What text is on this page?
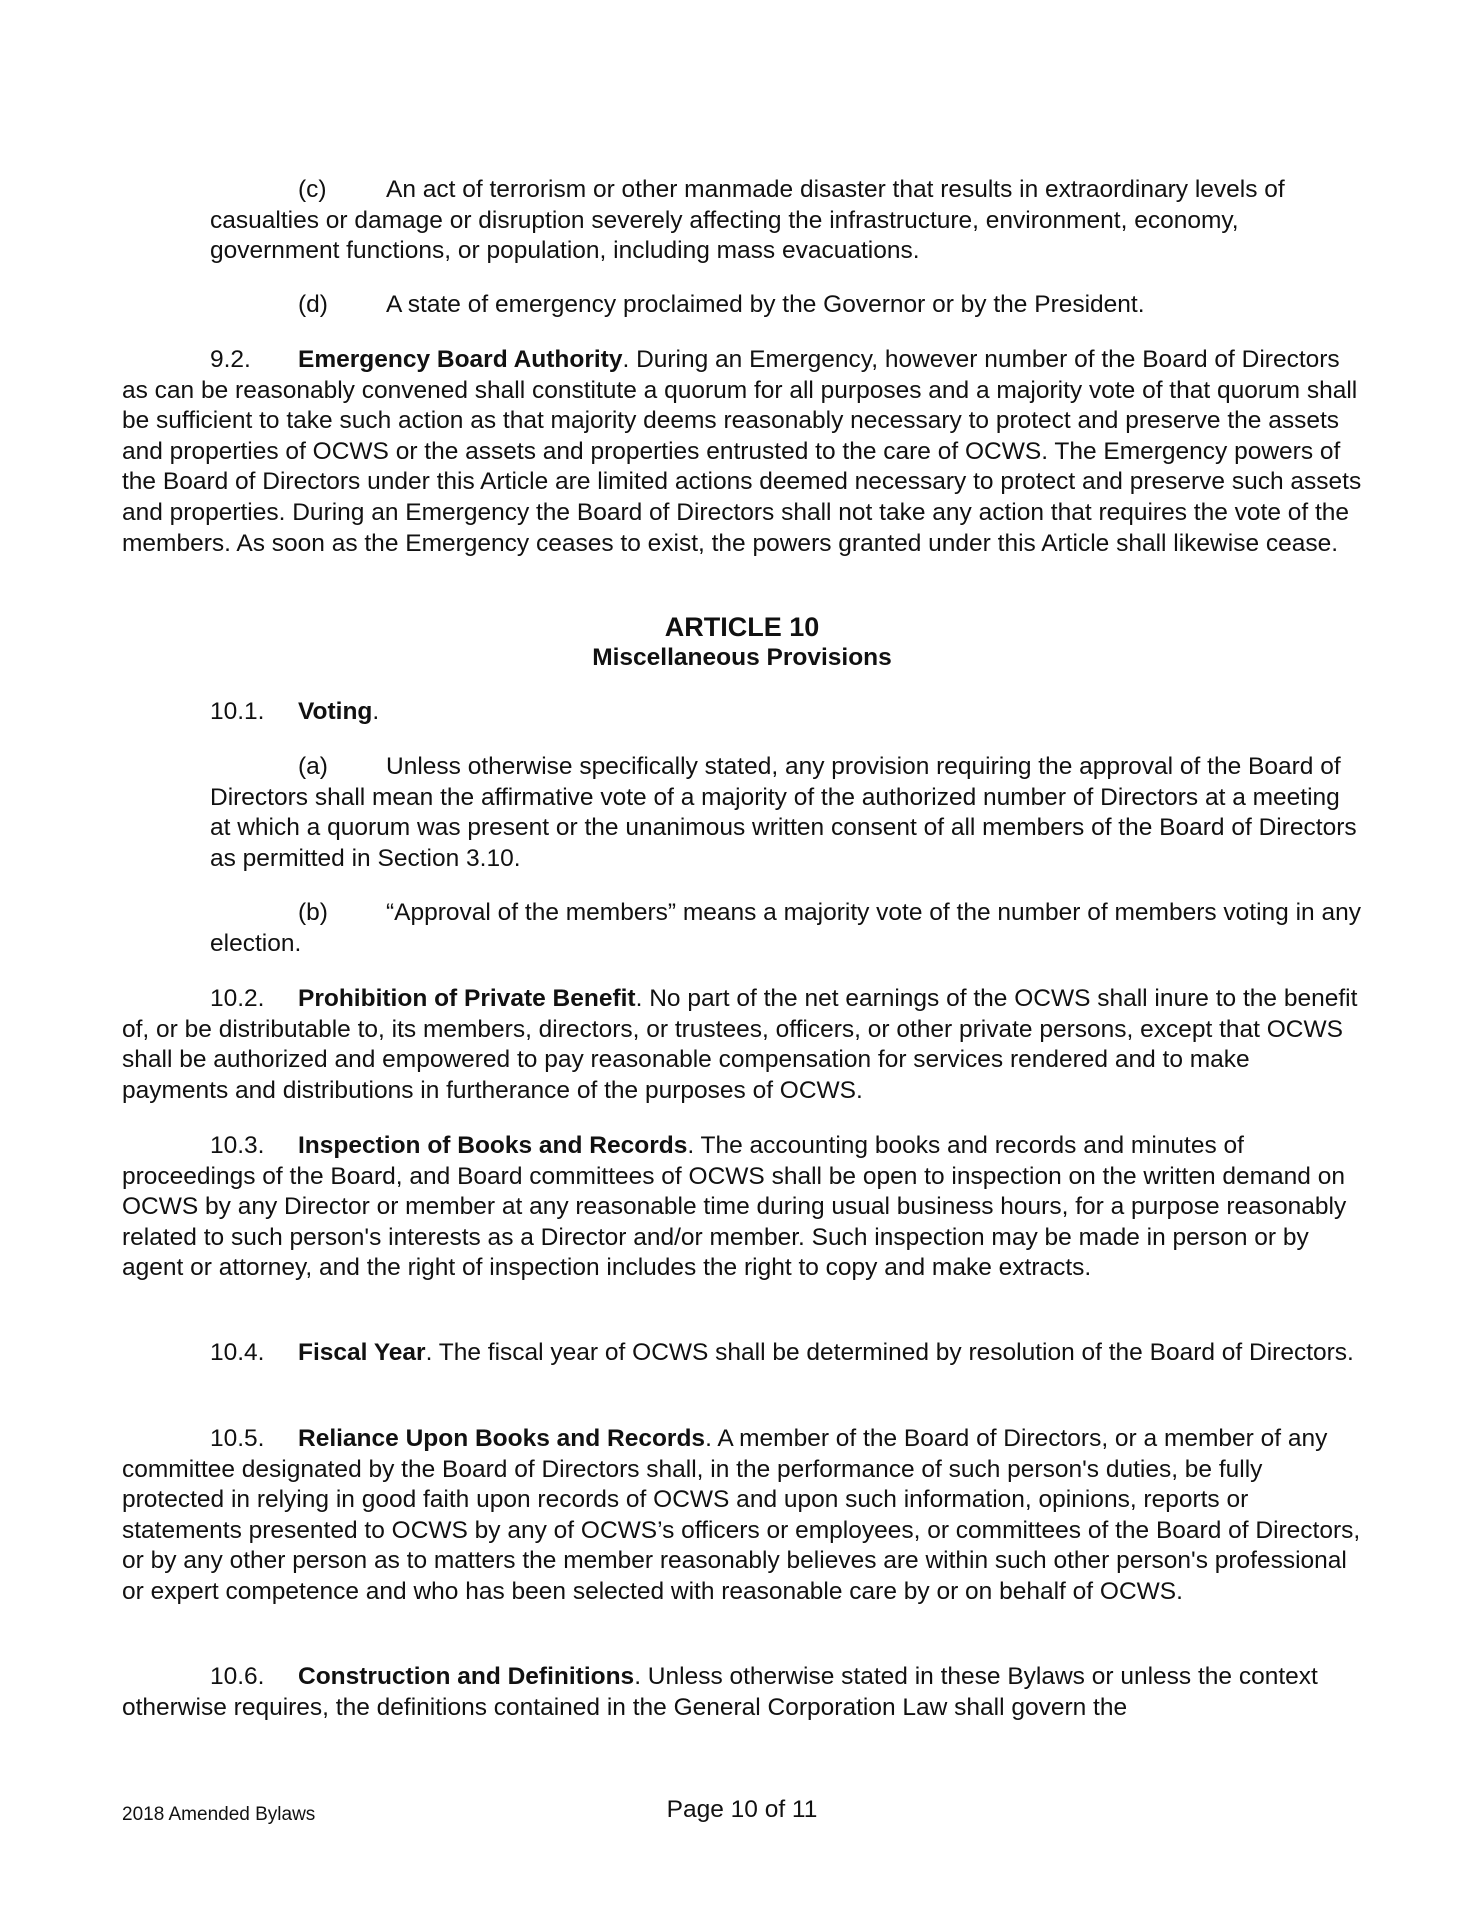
(c) An act of terrorism or other manmade disaster that results in extraordinary levels of casualties or damage or disruption severely affecting the infrastructure, environment, economy, government functions, or population, including mass evacuations.

(d) A state of emergency proclaimed by the Governor or by the President.

9.2. Emergency Board Authority. During an Emergency, however number of the Board of Directors as can be reasonably convened shall constitute a quorum for all purposes and a majority vote of that quorum shall be sufficient to take such action as that majority deems reasonably necessary to protect and preserve the assets and properties of OCWS or the assets and properties entrusted to the care of OCWS. The Emergency powers of the Board of Directors under this Article are limited actions deemed necessary to protect and preserve such assets and properties. During an Emergency the Board of Directors shall not take any action that requires the vote of the members. As soon as the Emergency ceases to exist, the powers granted under this Article shall likewise cease.

ARTICLE 10
Miscellaneous Provisions

10.1. Voting.

(a) Unless otherwise specifically stated, any provision requiring the approval of the Board of Directors shall mean the affirmative vote of a majority of the authorized number of Directors at a meeting at which a quorum was present or the unanimous written consent of all members of the Board of Directors as permitted in Section 3.10.

(b) “Approval of the members” means a majority vote of the number of members voting in any election.

10.2. Prohibition of Private Benefit. No part of the net earnings of the OCWS shall inure to the benefit of, or be distributable to, its members, directors, or trustees, officers, or other private persons, except that OCWS shall be authorized and empowered to pay reasonable compensation for services rendered and to make payments and distributions in furtherance of the purposes of OCWS.

10.3. Inspection of Books and Records. The accounting books and records and minutes of proceedings of the Board, and Board committees of OCWS shall be open to inspection on the written demand on OCWS by any Director or member at any reasonable time during usual business hours, for a purpose reasonably related to such person's interests as a Director and/or member. Such inspection may be made in person or by agent or attorney, and the right of inspection includes the right to copy and make extracts.

10.4. Fiscal Year. The fiscal year of OCWS shall be determined by resolution of the Board of Directors.

10.5. Reliance Upon Books and Records. A member of the Board of Directors, or a member of any committee designated by the Board of Directors shall, in the performance of such person's duties, be fully protected in relying in good faith upon records of OCWS and upon such information, opinions, reports or statements presented to OCWS by any of OCWS’s officers or employees, or committees of the Board of Directors, or by any other person as to matters the member reasonably believes are within such other person's professional or expert competence and who has been selected with reasonable care by or on behalf of OCWS.

10.6. Construction and Definitions. Unless otherwise stated in these Bylaws or unless the context otherwise requires, the definitions contained in the General Corporation Law shall govern the

2018 Amended Bylaws	Page 10 of 11
